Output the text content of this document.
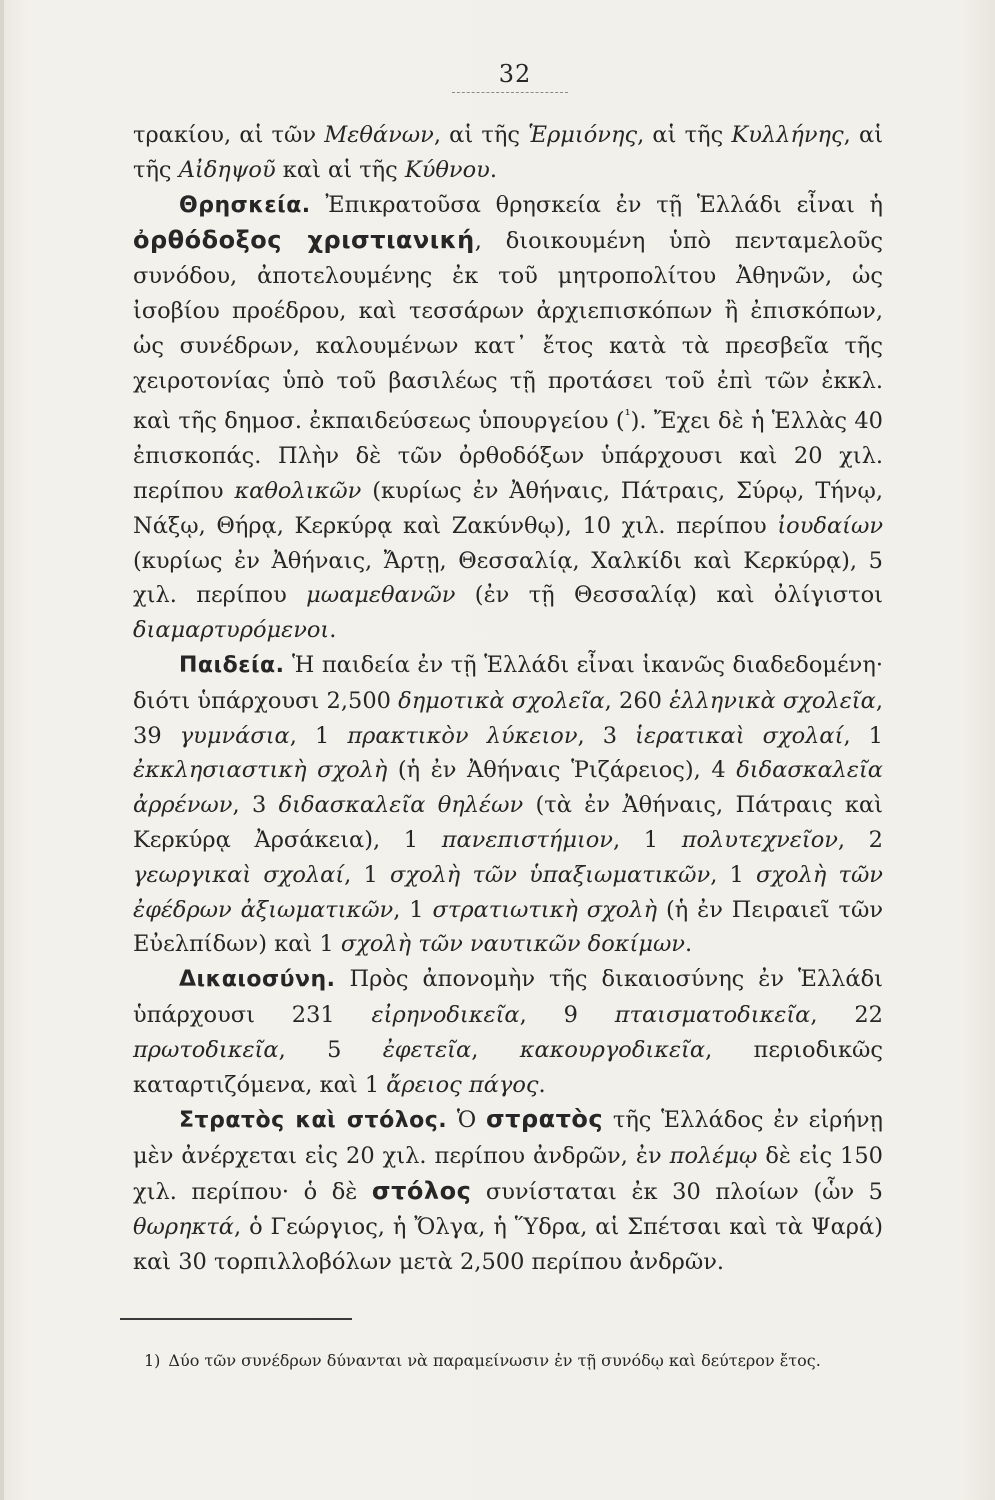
32

τρακίου, αἱ τῶν Μεθάνων, αἱ τῆς Ἑρμιόνης, αἱ τῆς Κυλλήνης, αἱ τῆς Αἰδηψοῦ καὶ αἱ τῆς Κύθνου.

Θρησκεία. Ἐπικρατοῦσα θρησκεία ἐν τῇ Ἑλλάδι εἶναι ἡ ὀρθόδοξος χριστιανική, διοικουμένη ὑπὸ πενταμελοῦς συνόδου, ἀποτελουμένης ἐκ τοῦ μητροπολίτου Ἀθηνῶν, ὡς ἰσοβίου προέδρου, καὶ τεσσάρων ἀρχιεπισκόπων ἢ ἐπισκόπων, ὡς συνέδρων, καλουμένων κατ᾽ ἔτος κατὰ τὰ πρεσβεῖα τῆς χειροτονίας ὑπὸ τοῦ βασιλέως τῇ προτάσει τοῦ ἐπὶ τῶν ἐκκλ. καὶ τῆς δημοσ. ἐκπαιδεύσεως ὑπουργείου ($^{^1}$). Ἔχει δὲ ἡ Ἑλλὰς 40 ἐπισκοπάς. Πλὴν δὲ τῶν ὀρθοδόξων ὑπάρχουσι καὶ 20 χιλ. περίπου καθολικῶν (κυρίως ἐν Ἀθήναις, Πάτραις, Σύρῳ, Τήνῳ, Νάξῳ, Θήρᾳ, Κερκύρᾳ καὶ Ζακύνθῳ), 10 χιλ. περίπου ἰουδαίων (κυρίως ἐν Ἀθήναις, Ἄρτῃ, Θεσσαλίᾳ, Χαλκίδι καὶ Κερκύρᾳ), 5 χιλ. περίπου μωαμεθανῶν (ἐν τῇ Θεσσαλίᾳ) καὶ ὀλίγιστοι διαμαρτυρόμενοι.

Παιδεία. Ἡ παιδεία ἐν τῇ Ἑλλάδι εἶναι ἱκανῶς διαδεδομένη· διότι ὑπάρχουσι 2,500 δημοτικὰ σχολεῖα, 260 ἑλληνικὰ σχολεῖα, 39 γυμνάσια, 1 πρακτικὸν λύκειον, 3 ἱερατικαὶ σχολαί, 1 ἐκκλησιαστικὴ σχολὴ (ἡ ἐν Ἀθήναις Ῥιζάρειος), 4 διδασκαλεῖα ἀρρένων, 3 διδασκαλεῖα θηλέων (τὰ ἐν Ἀθήναις, Πάτραις καὶ Κερκύρᾳ Ἀρσάκεια), 1 πανεπιστήμιον, 1 πολυτεχνεῖον, 2 γεωργικαὶ σχολαί, 1 σχολὴ τῶν ὑπαξιωματικῶν, 1 σχολὴ τῶν ἐφέδρων ἀξιωματικῶν, 1 στρατιωτικὴ σχολὴ (ἡ ἐν Πειραιεῖ τῶν Εὐελπίδων) καὶ 1 σχολὴ τῶν ναυτικῶν δοκίμων.

Δικαιοσύνη. Πρὸς ἀπονομὴν τῆς δικαιοσύνης ἐν Ἑλλάδι ὑπάρχουσι 231 εἰρηνοδικεῖα, 9 πταισματοδικεῖα, 22 πρωτοδικεῖα, 5 ἐφετεῖα, κακουργοδικεῖα, περιοδικῶς καταρτιζόμενα, καὶ 1 ἄρειος πάγος.

Στρατὸς καὶ στόλος. Ὁ στρατὸς τῆς Ἑλλάδος ἐν εἰρήνῃ μὲν ἀνέρχεται εἰς 20 χιλ. περίπου ἀνδρῶν, ἐν πολέμῳ δὲ εἰς 150 χιλ. περίπου· ὁ δὲ στόλος συνίσταται ἐκ 30 πλοίων (ὧν 5 θωρηκτά, ὁ Γεώργιος, ἡ Ὄλγα, ἡ Ὕδρα, αἱ Σπέτσαι καὶ τὰ Ψαρά) καὶ 30 τορπιλλοβόλων μετὰ 2,500 περίπου ἀνδρῶν.

1) Δύο τῶν συνέδρων δύνανται νὰ παραμείνωσιν ἐν τῇ συνόδῳ καὶ δεύτερον ἔτος.
